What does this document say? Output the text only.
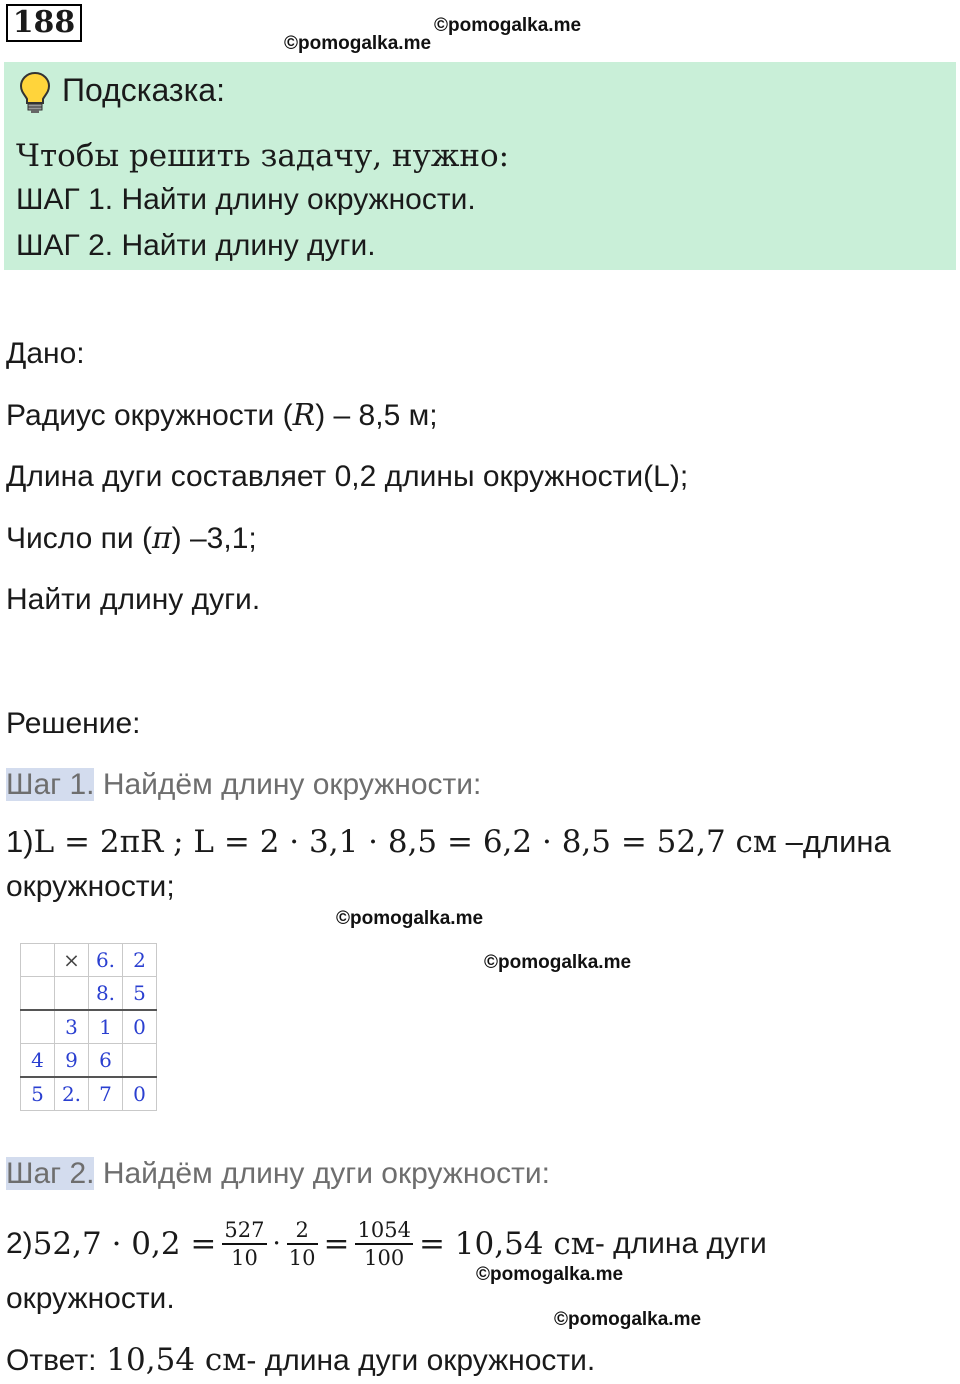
188	©pomogalka.me
©pomogalka.me
Подсказка:
Чтобы решить задачу, нужно:
ШАГ 1. Найти длину окружности.
ШАГ 2. Найти длину дуги.
Дано:
Радиус окружности (R) – 8,5 м;
Длина дуги составляет 0,2 длины окружности(L);
Число пи (π) –3,1;
Найти длину дуги.
Решение:
Шаг 1. Найдём длину окружности:
1)L = 2πR ; L = 2 · 3,1 · 8,5 = 6,2 · 8,5 = 52,7 см –длина
окружности;
©pomogalka.me
©pomogalka.me
	×	6.	2
		8.	5
	3	1	0
4	9	6	
5	2.	7	0
Шаг 2. Найдём длину дуги окружности:
2) $52,7 \cdot 0,2 = \frac{527}{10} \cdot \frac{2}{10} = \frac{1054}{100} = 10,54$ см - длина дуги
©pomogalka.me
окружности.
©pomogalka.me
Ответ: 10,54 см- длина дуги окружности.
